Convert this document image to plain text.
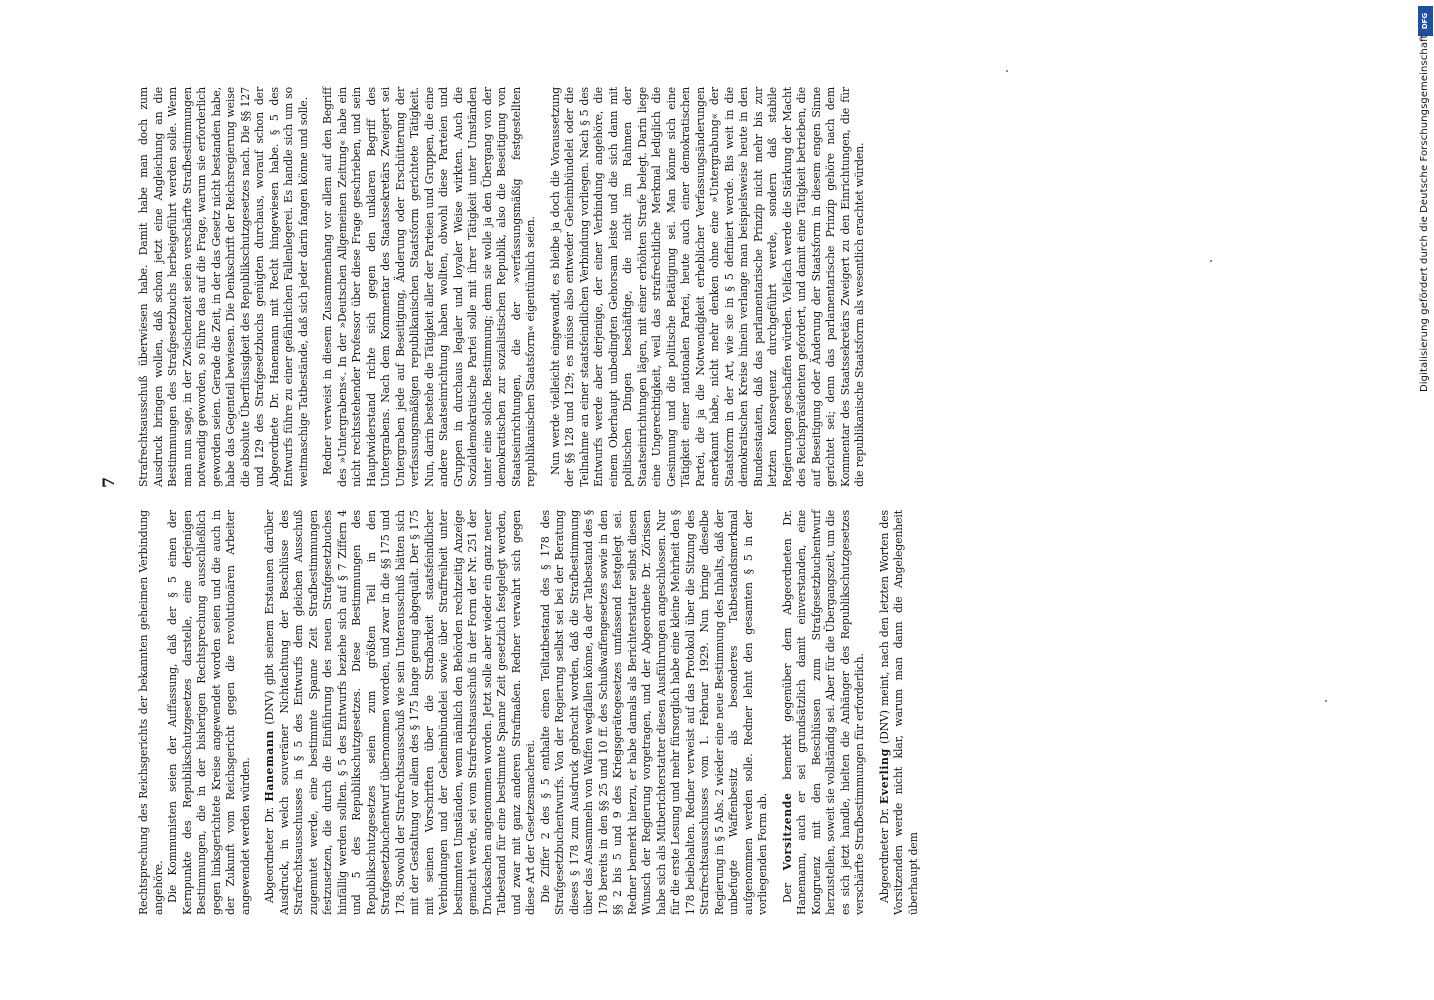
7

Rechtsprechung des Reichsgerichts der bekannten geheimen Verbindung angehöre. Die Kommunisten seien der Auffassung, daß der § 5 einen der Kernpunkte des Republikschutzgesetzes darstelle, eine derjenigen Bestimmungen, die in der bisherigen Rechtsprechung ausschließlich gegen linksgerichtete Kreise angewendet worden seien und die auch in der Zukunft vom Reichsgericht gegen die revolutionären Arbeiter angewendet werden würden. Abgeordneter Dr. Hanemann (DNV) gibt seinem Erstaunen darüber Ausdruck, in welch souveräner Nichtachtung der Beschlüsse des Strafrechtsausschusses in § 5 des Entwurfs dem gleichen Ausschuß zugemutet werde, eine bestimmte Spanne Zeit Strafbestimmungen festzusetzen, die durch die Einführung des neuen Strafgesetzbuches hinfällig werden sollten. § 5 des Entwurfs beziehe sich auf § 7 Ziffern 4 und 5 des Republikschutzgesetzes. Diese Bestimmungen des Republikschutzgesetzes seien zum größten Teil in den Strafgesetzbuchentwurf übernommen worden, und zwar in die §§ 175 und 178. Sowohl der Strafrechtsausschuß wie sein Unterausschuß hätten sich mit der Gestaltung vor allem des § 175 lange genug abgequält. Der § 175 mit seinen Vorschriften über die Strafbarkeit staatsfeindlicher Verbindungen und der Geheimbündelei sowie über Straffreiheit unter bestimmten Umständen, wenn nämlich den Behörden rechtzeitig Anzeige gemacht werde, sei vom Strafrechtsausschuß in der Form der Nr. 251 der Drucksachen angenommen worden. Jetzt solle aber wieder ein ganz neuer Tatbestand für eine bestimmte Spanne Zeit gesetzlich festgelegt werden, und zwar mit ganz anderen Strafmaßen. Redner verwahrt sich gegen diese Art der Gesetzesmacherei. Die Ziffer 2 des § 5 enthalte einen Teiltatbestand des § 178 des Strafgesetzbuchentwurfs. Von der Regierung selbst sei bei der Beratung dieses § 178 zum Ausdruck gebracht worden, daß die Strafbestimmung über das Ansammeln von Waffen wegfallen könne, da der Tatbestand des § 178 bereits in den §§ 25 und 10 ff. des Schußwaffengesetzes sowie in den §§ 2 bis 5 und 9 des Kriegsgerätegesetzes umfassend festgelegt sei. Redner bemerkt hierzu, er habe damals als Berichterstatter selbst diesen Wunsch der Regierung vorgetragen, und der Abgeordnete Dr. Zörissen habe sich als Mitberichterstatter diesen Ausführungen angeschlossen. Nur für die erste Lesung und mehr fürsorglich habe eine kleine Mehrheit den § 178 beibehalten. Redner verweist auf das Protokoll über die Sitzung des Strafrechtsausschusses vom 1. Februar 1929. Nun bringe dieselbe Regierung in § 5 Abs. 2 wieder eine neue Bestimmung des Inhalts, daß der unbefugte Waffenbesitz als besonderes Tatbestandsmerkmal aufgenommen werden solle. Redner lehnt den gesamten § 5 in der vorliegenden Form ab. Der Vorsitzende bemerkt gegenüber dem Abgeordneten Dr. Hanemann, auch er sei grundsätzlich damit einverstanden, eine Kongruenz mit den Beschlüssen zum Strafgesetzbuchentwurf herzustellen, soweit sie vollständig sei. Aber für die Übergangszeit, um die es sich jetzt handle, hielten die Anhänger des Republikschutzgesetzes verschärfte Strafbestimmungen für erforderlich. Abgeordneter Dr. Everling (DNV) meint, nach den letzten Worten des Vorsitzenden werde nicht klar, warum man dann die Angelegenheit überhaupt dem

Strafrechtsausschuß überwiesen habe. Damit habe man doch zum Ausdruck bringen wollen, daß schon jetzt eine Angleichung an die Bestimmungen des Strafgesetzbuchs herbeigeführt werden solle. Wenn man nun sage, in der Zwischenzeit seien verschärfte Strafbestimmungen notwendig geworden, so führe das auf die Frage, warum sie erforderlich geworden seien. Gerade die Zeit, in der das Gesetz nicht bestanden habe, habe das Gegenteil bewiesen. Die Denkschrift der Reichsregierung weise die absolute Überflüssigkeit des Republikschutzgesetzes nach. Die §§ 127 und 129 des Strafgesetzbuchs genügten durchaus, worauf schon der Abgeordnete Dr. Hanemann mit Recht hingewiesen habe. § 5 des Entwurfs führe zu einer gefährlichen Fallenlegerei. Es handle sich um so weitmaschige Tatbestände, daß sich jeder darin fangen könne und solle. Redner verweist in diesem Zusammenhang vor allem auf den Begriff des »Untergrabens«. In der »Deutschen Allgemeinen Zeitung« habe ein nicht rechtsstehender Professor über diese Frage geschrieben, und sein Hauptwiderstand richte sich gegen den unklaren Begriff des Untergrabens. Nach dem Kommentar des Staatssekretärs Zweigert sei Untergraben jede auf Beseitigung, Änderung oder Erschütterung der verfassungsmäßigen republikanischen Staatsform gerichtete Tätigkeit. Nun, darin bestehe die Tätigkeit aller der Parteien und Gruppen, die eine andere Staatseinrichtung haben wollten, obwohl diese Parteien und Gruppen in durchaus legaler und loyaler Weise wirkten. Auch die Sozialdemokratische Partei solle mit ihrer Tätigkeit unter Umständen unter eine solche Bestimmung; denn sie wolle ja den Übergang von der demokratischen zur sozialistischen Republik, also die Beseitigung von Staatseinrichtungen, die der »verfassungsmäßig festgestellten republikanischen Staatsform« eigentümlich seien. Nun werde vielleicht eingewandt, es bleibe ja doch die Voraussetzung der §§ 128 und 129; es müsse also entweder Geheimbündelei oder die Teilnahme an einer staatsfeindlichen Verbindung vorliegen. Nach § 5 des Entwurfs werde aber derjenige, der einer Verbindung angehöre, die einem Oberhaupt unbedingten Gehorsam leiste und die sich dann mit politischen Dingen beschäftige, die nicht im Rahmen der Staatseinrichtungen lägen, mit einer erhöhten Strafe belegt. Darin liege eine Ungerechtigkeit, weil das strafrechtliche Merkmal lediglich die Gesinnung und die politische Betätigung sei. Man könne sich eine Tätigkeit einer nationalen Partei, heute auch einer demokratischen Partei, die ja die Notwendigkeit erheblicher Verfassungsänderungen anerkannt habe, nicht mehr denken ohne eine »Untergrabung« der Staatsform in der Art, wie sie in § 5 definiert werde. Bis weit in die demokratischen Kreise hinein verlange man beispielsweise heute in den Bundesstaaten, daß das parlamentarische Prinzip nicht mehr bis zur letzten Konsequenz durchgeführt werde, sondern daß stabile Regierungen geschaffen würden. Vielfach werde die Stärkung der Macht des Reichspräsidenten gefordert, und damit eine Tätigkeit betrieben, die auf Beseitigung oder Änderung der Staatsform in diesem engen Sinne gerichtet sei; denn das parlamentarische Prinzip gehöre nach dem Kommentar des Staatssekretärs Zweigert zu den Einrichtungen, die für die republikanische Staatsform als wesentlich erachtet würden.

DFG
Digitalisierung gefördert durch die Deutsche Forschungsgemeinschaft
